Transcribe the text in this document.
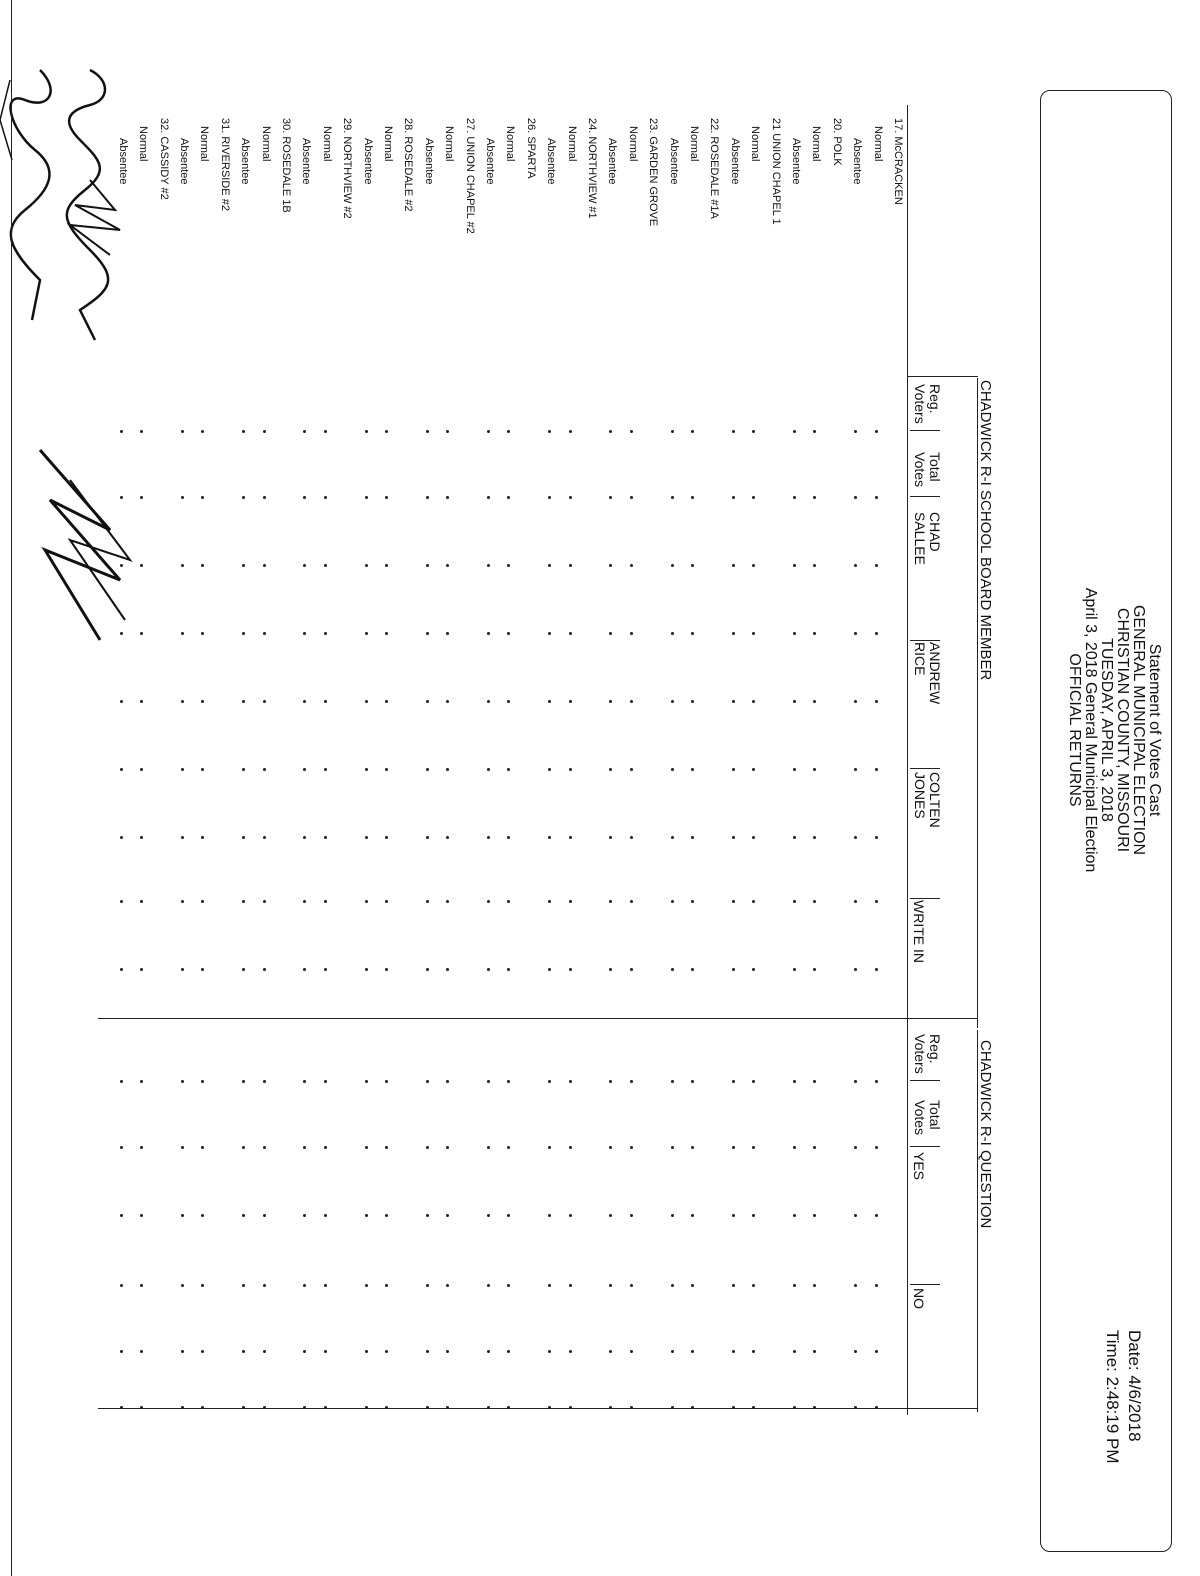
Statement of Votes Cast
GENERAL MUNICIPAL ELECTION
CHRISTIAN COUNTY, MISSOURI
TUESDAY, APRIL 3, 2018
April 3, 2018 General Municipal Election
OFFICIAL RETURNS
Date: 4/6/2018
Time: 2:48:19 PM
CHADWICK R-I SCHOOL BOARD MEMBER
CHADWICK R-I QUESTION
Reg.
Voters
Total
Votes
CHAD
SALLEE
ANDREW
RICE
COLTEN
JONES
WRITE IN
Reg.
Voters
Total
Votes
YES
NO
17. McCRACKEN
Normal
Absentee
20. POLK
Normal
Absentee
21 UNION CHAPEL 1
Normal
Absentee
22. ROSEDALE #1A
Normal
Absentee
23. GARDEN GROVE
Normal
Absentee
24. NORTHVIEW #1
Normal
Absentee
26. SPARTA
Normal
Absentee
27. UNION CHAPEL #2
Normal
Absentee
28. ROSEDALE #2
Normal
Absentee
29. NORTHVIEW #2
Normal
Absentee
30. ROSEDALE 1B
Normal
Absentee
31. RIVERSIDE #2
Normal
Absentee
32. CASSIDY #2
Normal
Absentee
